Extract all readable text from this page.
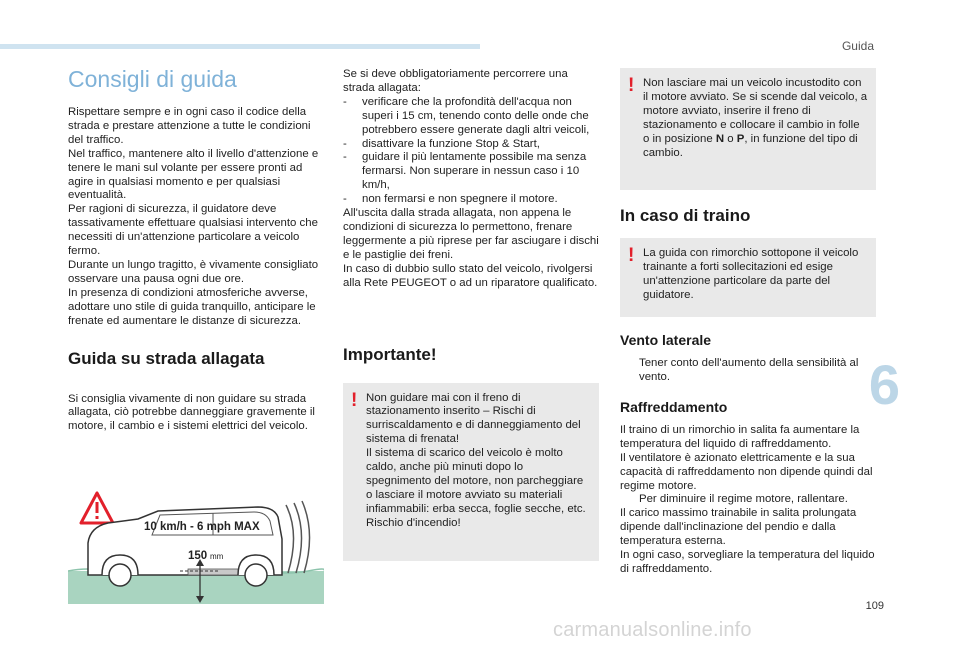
Guida
6
109
carmanualsonline.info
Consigli di guida

Rispettare sempre e in ogni caso il codice della strada e prestare attenzione a tutte le condizioni del traffico.

Nel traffico, mantenere alto il livello d'attenzione e tenere le mani sul volante per essere pronti ad agire in qualsiasi momento e per qualsiasi eventualità.

Per ragioni di sicurezza, il guidatore deve tassativamente effettuare qualsiasi intervento che necessiti di un'attenzione particolare a veicolo fermo.

Durante un lungo tragitto, è vivamente consigliato osservare una pausa ogni due ore.

In presenza di condizioni atmosferiche avverse, adottare uno stile di guida tranquillo, anticipare le frenate ed aumentare le distanze di sicurezza.

Guida su strada allagata

Si consiglia vivamente di non guidare su strada allagata, ciò potrebbe danneggiare gravemente il motore, il cambio e i sistemi elettrici del veicolo.

10 km/h - 6 mph MAX
150 mm

Se si deve obbligatoriamente percorrere una strada allagata:

- verificare che la profondità dell'acqua non superi i 15 cm, tenendo conto delle onde che potrebbero essere generate dagli altri veicoli,
- disattivare la funzione Stop & Start,
- guidare il più lentamente possibile ma senza fermarsi. Non superare in nessun caso i 10 km/h,
- non fermarsi e non spegnere il motore.

All'uscita dalla strada allagata, non appena le condizioni di sicurezza lo permettono, frenare leggermente a più riprese per far asciugare i dischi e le pastiglie dei freni.

In caso di dubbio sullo stato del veicolo, rivolgersi alla Rete PEUGEOT o ad un riparatore qualificato.

Importante!
! Non guidare mai con il freno di stazionamento inserito – Rischi di surriscaldamento e di danneggiamento del sistema di frenata!

Il sistema di scarico del veicolo è molto caldo, anche più minuti dopo lo spegnimento del motore, non parcheggiare o lasciare il motore avviato su materiali infiammabili: erba secca, foglie secche, etc. Rischio d'incendio!

! Non lasciare mai un veicolo incustodito con il motore avviato. Se si scende dal veicolo, a motore avviato, inserire il freno di stazionamento e collocare il cambio in folle o in posizione N o P, in funzione del tipo di cambio.

In caso di traino
! La guida con rimorchio sottopone il veicolo trainante a forti sollecitazioni ed esige un'attenzione particolare da parte del guidatore.

Vento laterale
Tener conto dell'aumento della sensibilità al vento.
Raffreddamento

Il traino di un rimorchio in salita fa aumentare la temperatura del liquido di raffreddamento.

Il ventilatore è azionato elettricamente e la sua capacità di raffreddamento non dipende quindi dal regime motore.

Per diminuire il regime motore, rallentare.

Il carico massimo trainabile in salita prolungata dipende dall'inclinazione del pendio e dalla temperatura esterna.

In ogni caso, sorvegliare la temperatura del liquido di raffreddamento.
